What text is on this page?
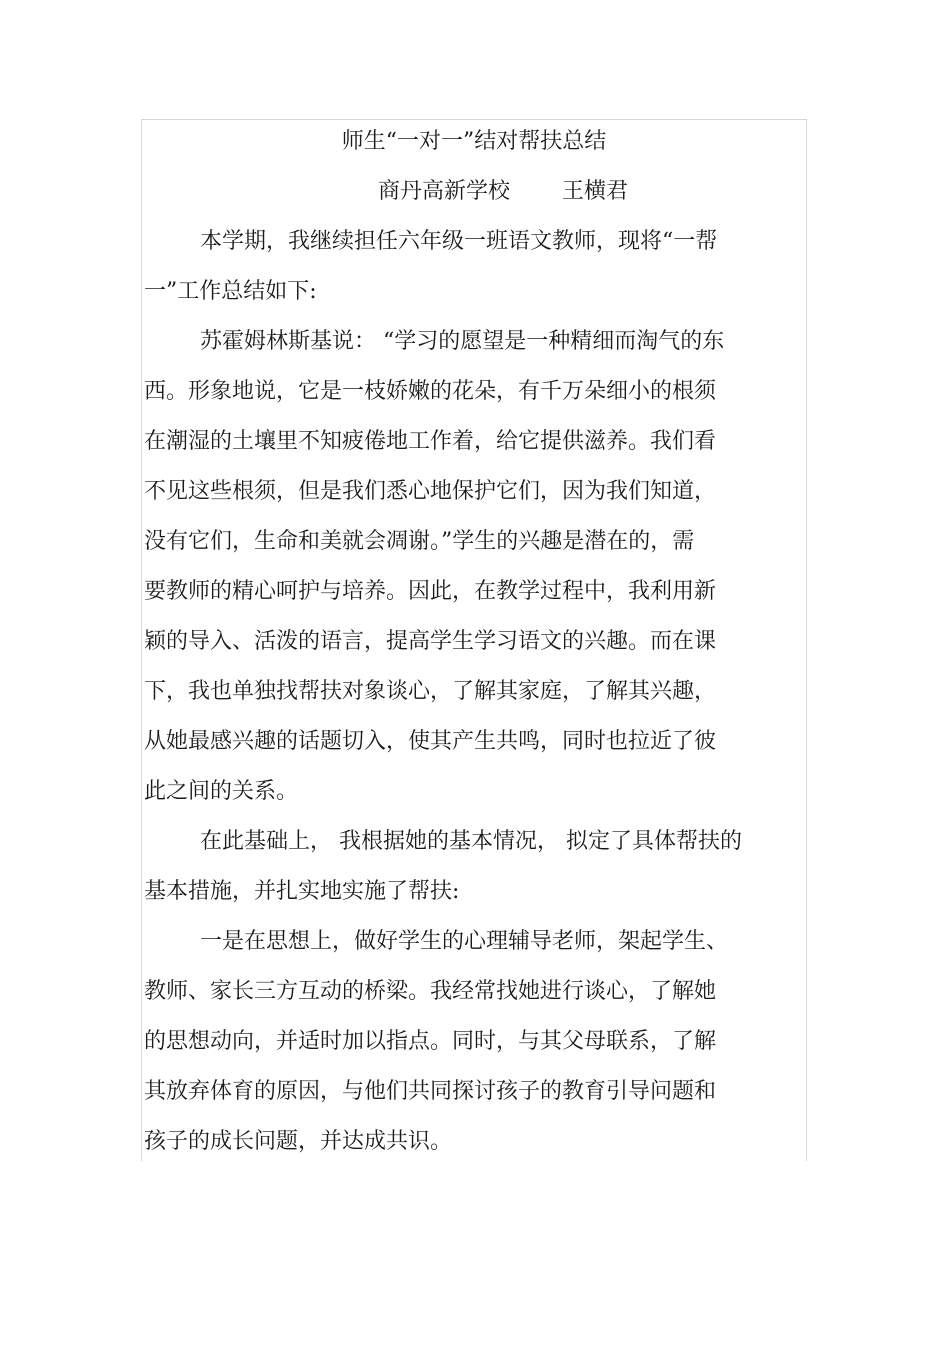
师生“一对一”结对帮扶总结
商丹高新学校 王横君
本学期，我继续担任六年级一班语文教师，现将“一帮
一”工作总结如下:
苏霍姆林斯基说： “学习的愿望是一种精细而淘气的东
西。形象地说，它是一枝娇嫩的花朵，有千万朵细小的根须
在潮湿的土壤里不知疲倦地工作着，给它提供滋养。我们看
不见这些根须，但是我们悉心地保护它们，因为我们知道，
没有它们，生命和美就会凋谢。”学生的兴趣是潜在的，需
要教师的精心呵护与培养。因此，在教学过程中，我利用新
颖的导入、活泼的语言，提高学生学习语文的兴趣。而在课
下，我也单独找帮扶对象谈心，了解其家庭，了解其兴趣，
从她最感兴趣的话题切入，使其产生共鸣，同时也拉近了彼
此之间的关系。
在此基础上， 我根据她的基本情况， 拟定了具体帮扶的
基本措施，并扎实地实施了帮扶:
一是在思想上，做好学生的心理辅导老师，架起学生、
教师、家长三方互动的桥梁。我经常找她进行谈心，了解她
的思想动向，并适时加以指点。同时，与其父母联系，了解
其放弃体育的原因，与他们共同探讨孩子的教育引导问题和
孩子的成长问题，并达成共识。
